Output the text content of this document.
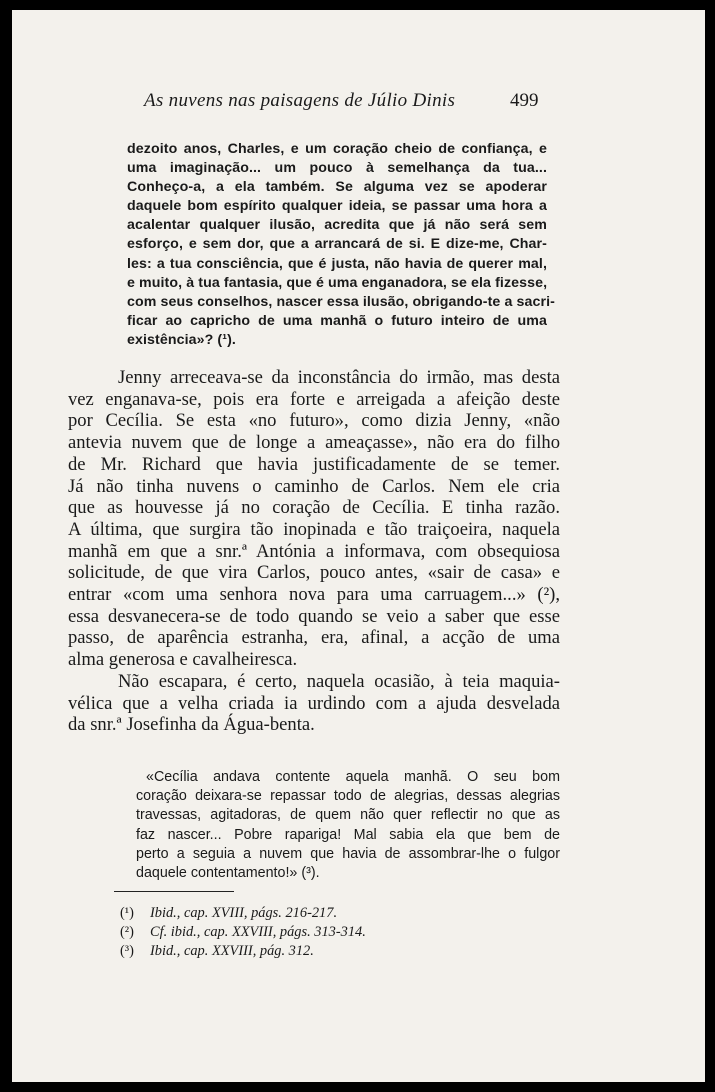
As nuvens nas paisagens de Júlio Dinis	499
dezoito anos, Charles, e um coração cheio de confiança, e
uma imaginação... um pouco à semelhança da tua...
Conheço-a, a ela também. Se alguma vez se apoderar
daquele bom espírito qualquer ideia, se passar uma hora a
acalentar qualquer ilusão, acredita que já não será sem
esforço, e sem dor, que a arrancará de si. E dize-me, Char-
les: a tua consciência, que é justa, não havia de querer mal,
e muito, à tua fantasia, que é uma enganadora, se ela fizesse,
com seus conselhos, nascer essa ilusão, obrigando-te a sacri-
ficar ao capricho de uma manhã o futuro inteiro de uma
existência»? (¹).
Jenny arreceava-se da inconstância do irmão, mas desta
vez enganava-se, pois era forte e arreigada a afeição deste
por Cecília. Se esta «no futuro», como dizia Jenny, «não
antevia nuvem que de longe a ameaçasse», não era do filho
de Mr. Richard que havia justificadamente de se temer.
Já não tinha nuvens o caminho de Carlos. Nem ele cria
que as houvesse já no coração de Cecília. E tinha razão.
A última, que surgira tão inopinada e tão traiçoeira, naquela
manhã em que a snr.ª Antónia a informava, com obsequiosa
solicitude, de que vira Carlos, pouco antes, «sair de casa» e
entrar «com uma senhora nova para uma carruagem...» (²),
essa desvanecera-se de todo quando se veio a saber que esse
passo, de aparência estranha, era, afinal, a acção de uma
alma generosa e cavalheiresca.
Não escapara, é certo, naquela ocasião, à teia maquia-
vélica que a velha criada ia urdindo com a ajuda desvelada
da snr.ª Josefinha da Água-benta.
«Cecília andava contente aquela manhã. O seu bom
coração deixara-se repassar todo de alegrias, dessas alegrias
travessas, agitadoras, de quem não quer reflectir no que as
faz nascer... Pobre rapariga! Mal sabia ela que bem de
perto a seguia a nuvem que havia de assombrar-lhe o fulgor
daquele contentamento!» (³).
(¹) Ibid., cap. XVIII, págs. 216-217.
(²) Cf. ibid., cap. XXVIII, págs. 313-314.
(³) Ibid., cap. XXVIII, pág. 312.
